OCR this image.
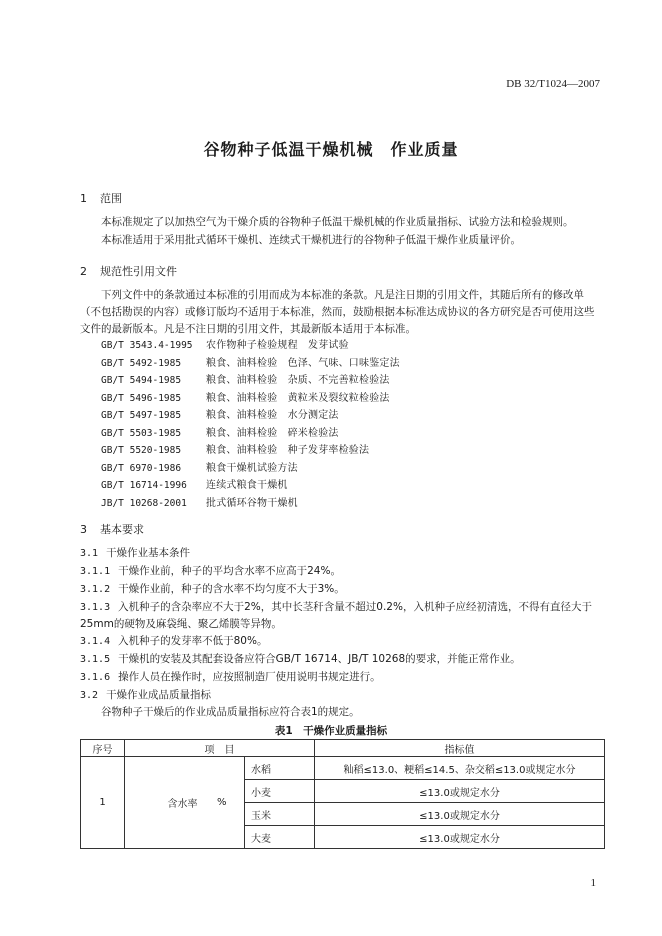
DB 32/T1024—2007
谷物种子低温干燥机械　作业质量
1 范围
本标准规定了以加热空气为干燥介质的谷物种子低温干燥机械的作业质量指标、试验方法和检验规则。
本标准适用于采用批式循环干燥机、连续式干燥机进行的谷物种子低温干燥作业质量评价。
2 规范性引用文件
下列文件中的条款通过本标准的引用而成为本标准的条款。凡是注日期的引用文件，其随后所有的修改单（不包括勘误的内容）或修订版均不适用于本标准，然而，鼓励根据本标准达成协议的各方研究是否可使用这些文件的最新版本。凡是不注日期的引用文件，其最新版本适用于本标准。
GB/T 3543.4-1995 农作物种子检验规程　发芽试验
GB/T 5492-1985 粮食、油料检验　色泽、气味、口味鉴定法
GB/T 5494-1985 粮食、油料检验　杂质、不完善粒检验法
GB/T 5496-1985 粮食、油料检验　黄粒米及裂纹粒检验法
GB/T 5497-1985 粮食、油料检验　水分测定法
GB/T 5503-1985 粮食、油料检验　碎米检验法
GB/T 5520-1985 粮食、油料检验　种子发芽率检验法
GB/T 6970-1986 粮食干燥机试验方法
GB/T 16714-1996 连续式粮食干燥机
JB/T 10268-2001 批式循环谷物干燥机
3 基本要求
3.1 干燥作业基本条件
3.1.1 干燥作业前，种子的平均含水率不应高于24%。
3.1.2 干燥作业前，种子的含水率不均匀度不大于3%。
3.1.3 入机种子的含杂率应不大于2%，其中长茎秆含量不超过0.2%，入机种子应经初清选，不得有直径大于25mm的硬物及麻袋绳、聚乙烯膜等异物。
3.1.4 入机种子的发芽率不低于80%。
3.1.5 干燥机的安装及其配套设备应符合GB/T 16714、JB/T 10268的要求，并能正常作业。
3.1.6 操作人员在操作时，应按照制造厂使用说明书规定进行。
3.2 干燥作业成品质量指标
谷物种子干燥后的作业成品质量指标应符合表1的规定。
表1　干燥作业质量指标
序号	项　目			指标值
1	含水率	%	水稻	籼稻≤13.0、粳稻≤14.5、杂交稻≤13.0或规定水分
			小麦	≤13.0或规定水分
			玉米	≤13.0或规定水分
			大麦	≤13.0或规定水分
1
